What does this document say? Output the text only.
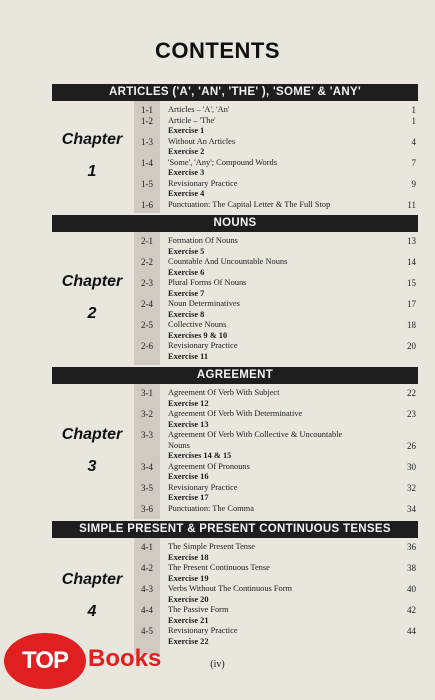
CONTENTS
ARTICLES ('A', 'AN', 'THE' ), 'SOME' & 'ANY'
Chapter
1
1-1	Articles – 'A', 'An'	1
1-2	Article – 'The'	1
Exercise 1
1-3	Without An Articles	4
Exercise 2
1-4	'Some', 'Any'; Compound Words	7
Exercise 3
1-5	Revisionary Practice	9
Exercise 4
1-6	Punctuation: The Capital Letter & The Full Stop	11
NOUNS
Chapter
2
2-1	Formation Of Nouns	13
Exercise 5
2-2	Countable And Uncountable Nouns	14
Exercise 6
2-3	Plural Forms Of Nouns	15
Exercise 7
2-4	Noun Determinatives	17
Exercise 8
2-5	Collective Nouns	18
Exercises 9 & 10
2-6	Revisionary Practice	20
Exercise 11
AGREEMENT
Chapter
3
3-1	Agreement Of Verb With Subject	22
Exercise 12
3-2	Agreement Of Verb With Determinative	23
Exercise 13
3-3	Agreement Of Verb With Collective & Uncountable
Nouns	26
Exercises 14 & 15
3-4	Agreement Of Pronouns	30
Exercise 16
3-5	Revisionary Practice	32
Exercise 17
3-6	Punctuation: The Comma	34
SIMPLE PRESENT & PRESENT CONTINUOUS TENSES
Chapter
4
4-1	The Simple Present Tense	36
Exercise 18
4-2	The Present Continuous Tense	38
Exercise 19
4-3	Verbs Without The Continuous Form	40
Exercise 20
4-4	The Passive Form	42
Exercise 21
4-5	Revisionary Practice	44
Exercise 22
(iv)
TOP Books
